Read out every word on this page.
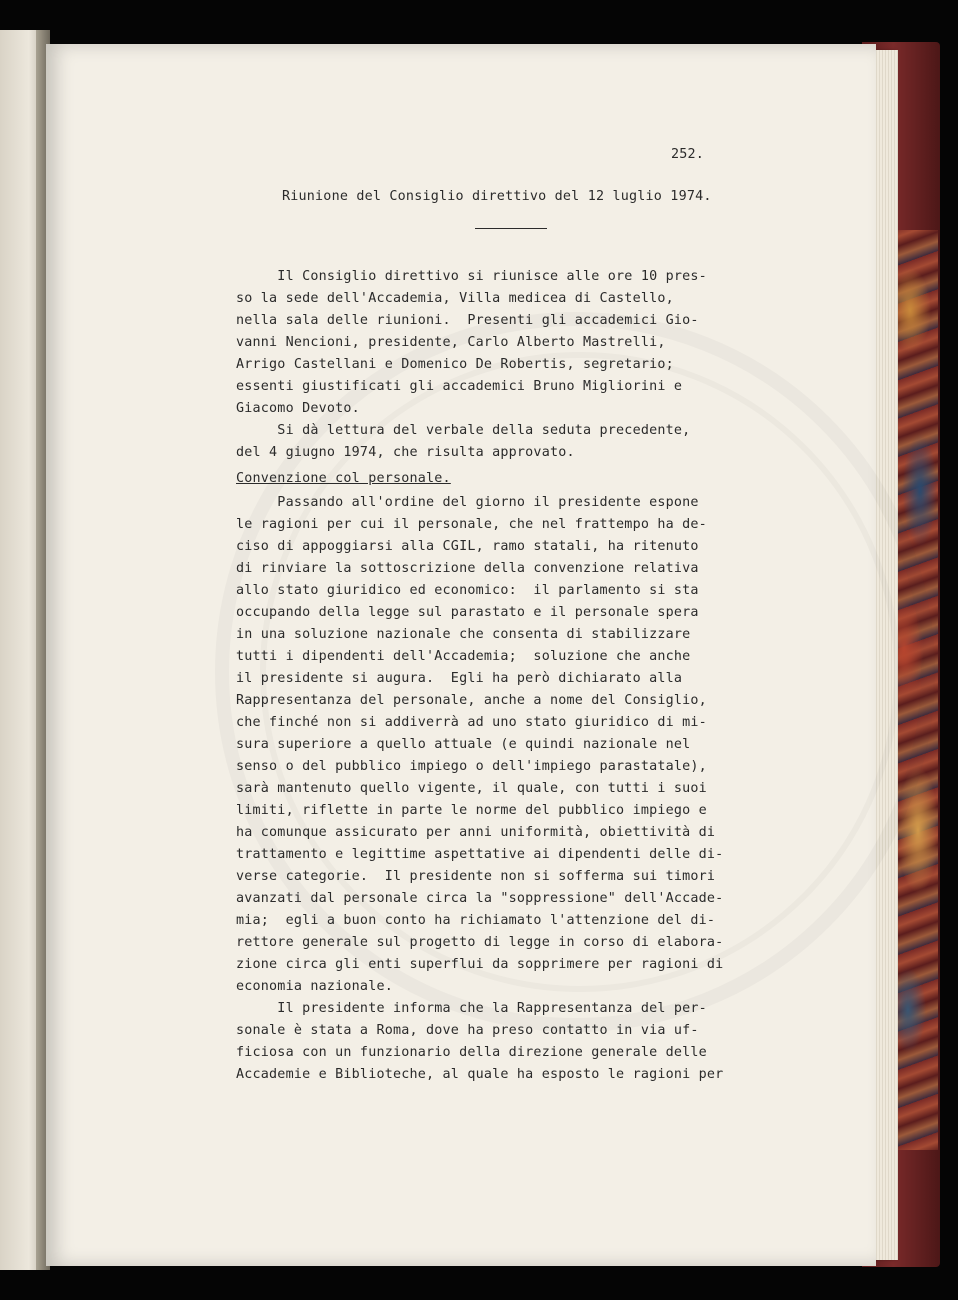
252.
Riunione del Consiglio direttivo del 12 luglio 1974.
Il Consiglio direttivo si riunisce alle ore 10 pres-
so la sede dell'Accademia, Villa medicea di Castello,
nella sala delle riunioni.  Presenti gli accademici Gio-
vanni Nencioni, presidente, Carlo Alberto Mastrelli,
Arrigo Castellani e Domenico De Robertis, segretario;
essenti giustificati gli accademici Bruno Migliorini e
Giacomo Devoto.
Si dà lettura del verbale della seduta precedente,
del 4 giugno 1974, che risulta approvato.
Convenzione col personale.
Passando all'ordine del giorno il presidente espone
le ragioni per cui il personale, che nel frattempo ha de-
ciso di appoggiarsi alla CGIL, ramo statali, ha ritenuto
di rinviare la sottoscrizione della convenzione relativa
allo stato giuridico ed economico:  il parlamento si sta
occupando della legge sul parastato e il personale spera
in una soluzione nazionale che consenta di stabilizzare
tutti i dipendenti dell'Accademia;  soluzione che anche
il presidente si augura.  Egli ha però dichiarato alla
Rappresentanza del personale, anche a nome del Consiglio,
che finché non si addiverrà ad uno stato giuridico di mi-
sura superiore a quello attuale (e quindi nazionale nel
senso o del pubblico impiego o dell'impiego parastatale),
sarà mantenuto quello vigente, il quale, con tutti i suoi
limiti, riflette in parte le norme del pubblico impiego e
ha comunque assicurato per anni uniformità, obiettività di
trattamento e legittime aspettative ai dipendenti delle di-
verse categorie.  Il presidente non si sofferma sui timori
avanzati dal personale circa la "soppressione" dell'Accade-
mia;  egli a buon conto ha richiamato l'attenzione del di-
rettore generale sul progetto di legge in corso di elabora-
zione circa gli enti superflui da sopprimere per ragioni di
economia nazionale.
Il presidente informa che la Rappresentanza del per-
sonale è stata a Roma, dove ha preso contatto in via uf-
ficiosa con un funzionario della direzione generale delle
Accademie e Biblioteche, al quale ha esposto le ragioni per
